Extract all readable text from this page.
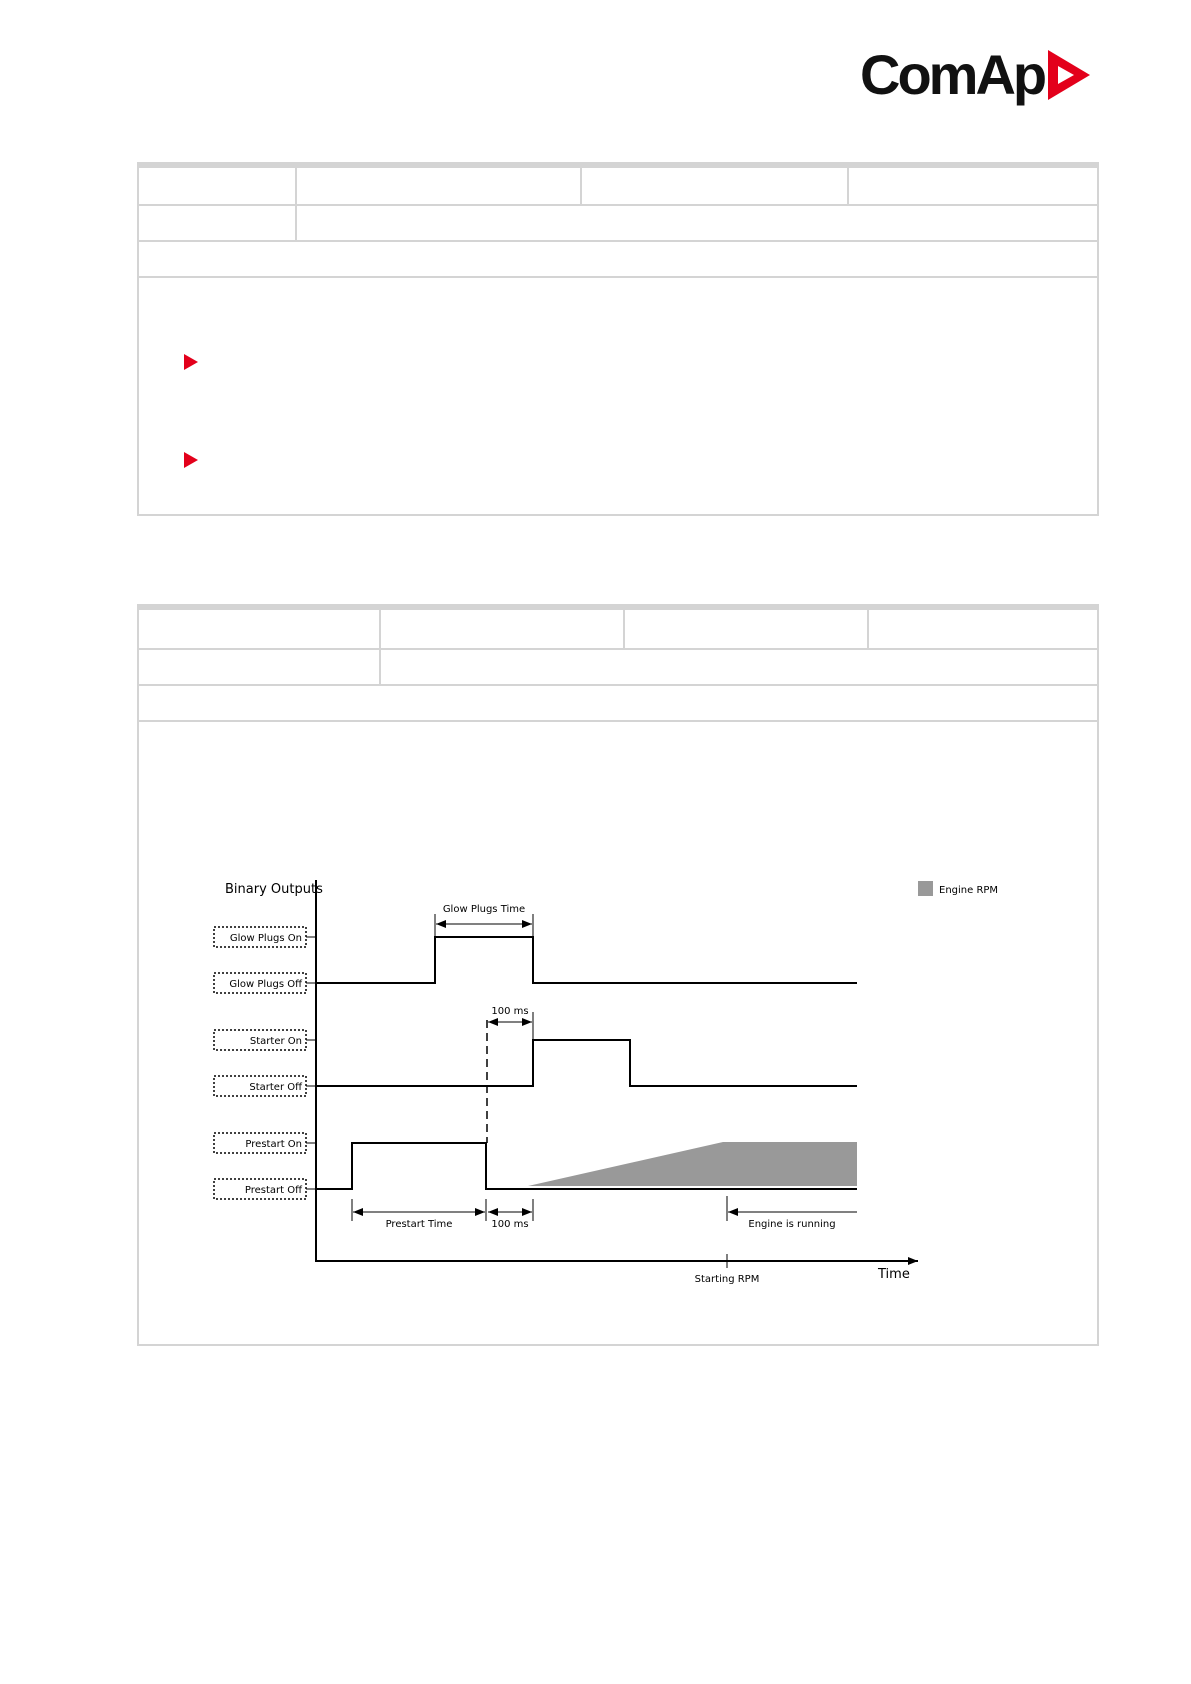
ComAp
Binary Outputs
Time
Engine RPM
Glow Plugs On
Glow Plugs Off
Starter On
Starter Off
Prestart On
Prestart Off
Glow Plugs Time
100 ms
Prestart Time	100 ms	Engine is running
Starting RPM
